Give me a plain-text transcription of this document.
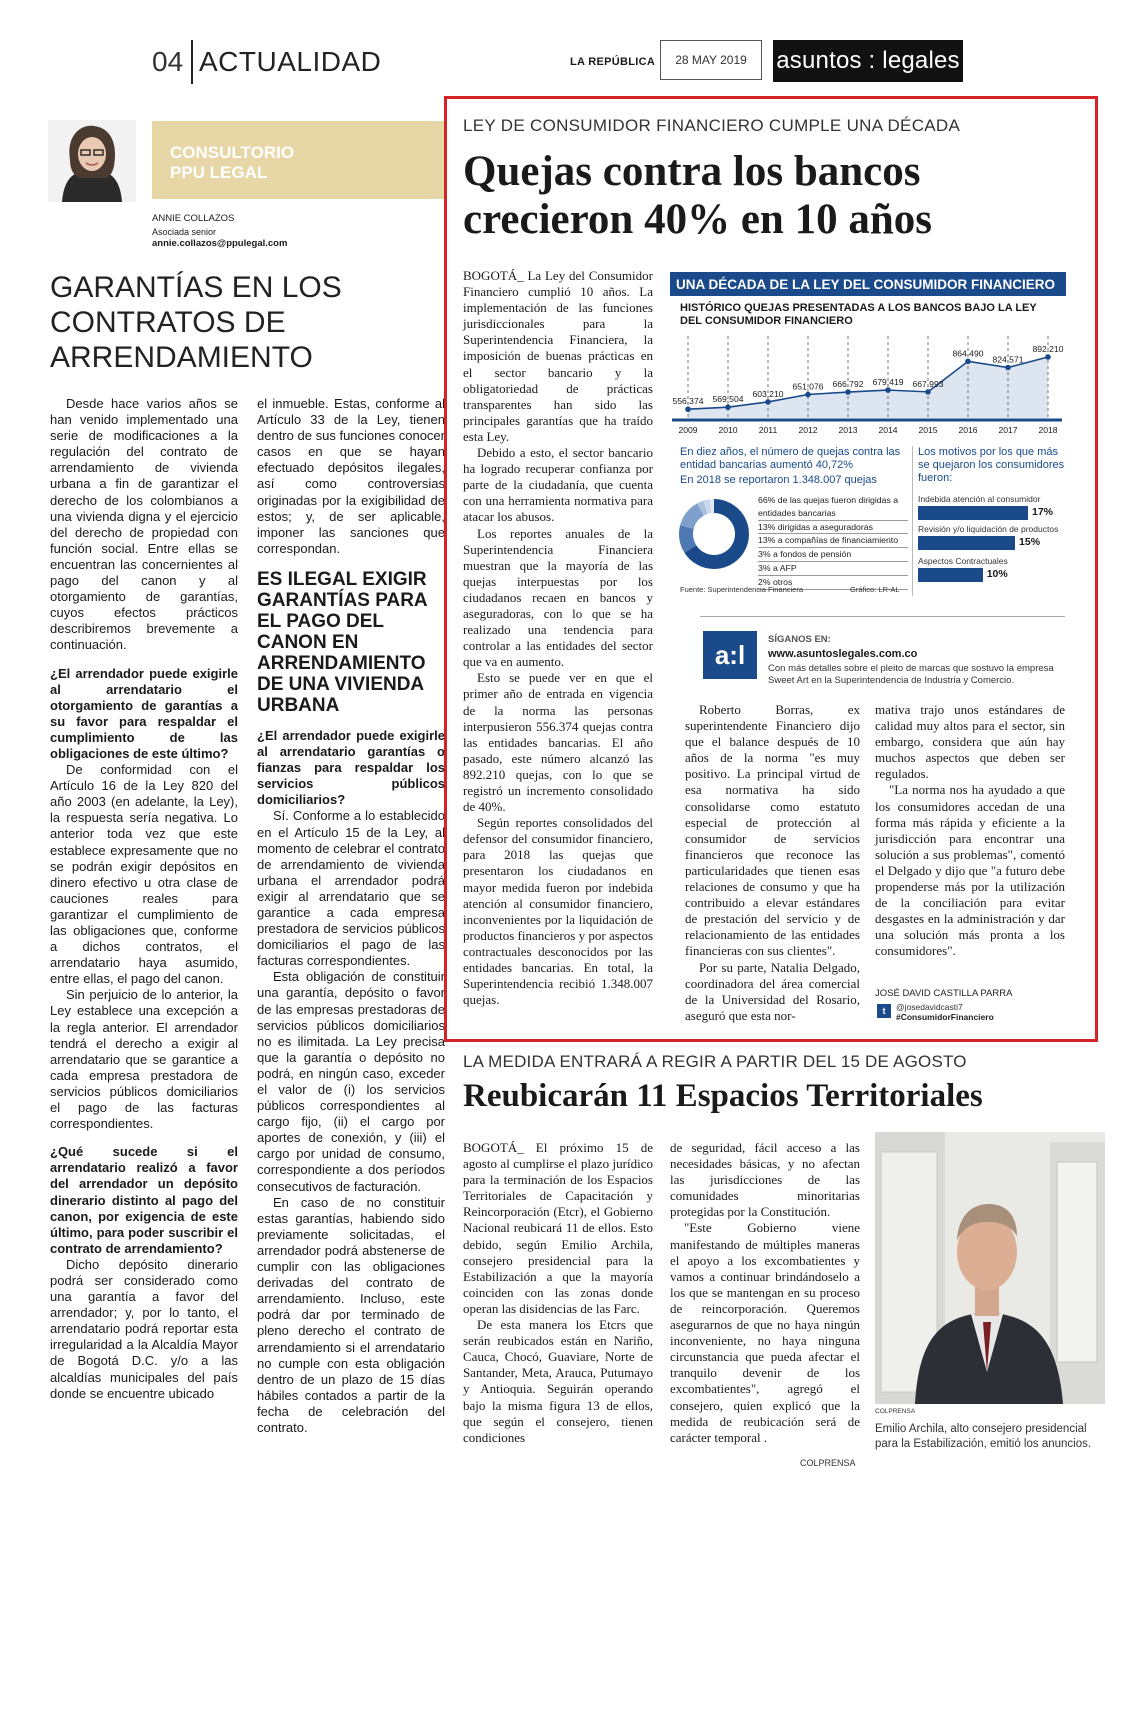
04 ACTUALIDAD	LA REPÚBLICA	28 MAY 2019	asuntos : legales
CONSULTORIO
PPU LEGAL
ANNIE COLLAZOS
Asociada senior
annie.collazos@ppulegal.com
GARANTÍAS EN LOS CONTRATOS DE ARRENDAMIENTO

Desde hace varios años se han venido implementado una serie de modificaciones a la regulación del contrato de arrendamiento de vivienda urbana a fin de garantizar el derecho de los colombianos a una vivienda digna y el ejercicio del derecho de propiedad con función social. Entre ellas se encuentran las concernientes al pago del canon y al otorgamiento de garantías, cuyos efectos prácticos describiremos brevemente a continuación.

¿El arrendador puede exigirle al arrendatario el otorgamiento de garantías a su favor para respaldar el cumplimiento de las obligaciones de este último?

De conformidad con el Artículo 16 de la Ley 820 del año 2003 (en adelante, la Ley), la respuesta sería negativa. Lo anterior toda vez que este establece expresamente que no se podrán exigir depósitos en dinero efectivo u otra clase de cauciones reales para garantizar el cumplimiento de las obligaciones que, conforme a dichos contratos, el arrendatario haya asumido, entre ellas, el pago del canon.

Sin perjuicio de lo anterior, la Ley establece una excepción a la regla anterior. El arrendador tendrá el derecho a exigir al arrendatario que se garantice a cada empresa prestadora de servicios públicos domiciliarios el pago de las facturas correspondientes.

¿Qué sucede si el arrendatario realizó a favor del arrendador un depósito dinerario distinto al pago del canon, por exigencia de este último, para poder suscribir el contrato de arrendamiento?

Dicho depósito dinerario podrá ser considerado como una garantía a favor del arrendador; y, por lo tanto, el arrendatario podrá reportar esta irregularidad a la Alcaldía Mayor de Bogotá D.C. y/o a las alcaldías municipales del país donde se encuentre ubicado

el inmueble. Estas, conforme al Artículo 33 de la Ley, tienen dentro de sus funciones conocer casos en que se hayan efectuado depósitos ilegales, así como controversias originadas por la exigibilidad de estos; y, de ser aplicable, imponer las sanciones que correspondan.

ES ILEGAL EXIGIR GARANTÍAS PARA EL PAGO DEL CANON EN ARRENDAMIENTO DE UNA VIVIENDA URBANA

¿El arrendador puede exigirle al arrendatario garantías o fianzas para respaldar los servicios públicos domiciliarios?

Sí. Conforme a lo establecido en el Artículo 15 de la Ley, al momento de celebrar el contrato de arrendamiento de vivienda urbana el arrendador podrá exigir al arrendatario que se garantice a cada empresa prestadora de servicios públicos domiciliarios el pago de las facturas correspondientes.

Esta obligación de constituir una garantía, depósito o favor de las empresas prestadoras de servicios públicos domiciliarios no es ilimitada. La Ley precisa que la garantía o depósito no podrá, en ningún caso, exceder el valor de (i) los servicios públicos correspondientes al cargo fijo, (ii) el cargo por aportes de conexión, y (iii) el cargo por unidad de consumo, correspondiente a dos períodos consecutivos de facturación.

En caso de no constituir estas garantías, habiendo sido previamente solicitadas, el arrendador podrá abstenerse de cumplir con las obligaciones derivadas del contrato de arrendamiento. Incluso, este podrá dar por terminado de pleno derecho el contrato de arrendamiento si el arrendatario no cumple con esta obligación dentro de un plazo de 15 días hábiles contados a partir de la fecha de celebración del contrato.

LEY DE CONSUMIDOR FINANCIERO CUMPLE UNA DÉCADA
Quejas contra los bancos crecieron 40% en 10 años

BOGOTÁ_ La Ley del Consumidor Financiero cumplió 10 años. La implementación de las funciones jurisdiccionales para la Superintendencia Financiera, la imposición de buenas prácticas en el sector bancario y la obligatoriedad de prácticas transparentes han sido las principales garantías que ha traído esta Ley.

Debido a esto, el sector bancario ha logrado recuperar confianza por parte de la ciudadanía, que cuenta con una herramienta normativa para atacar los abusos.

Los reportes anuales de la Superintendencia Financiera muestran que la mayoría de las quejas interpuestas por los ciudadanos recaen en bancos y aseguradoras, con lo que se ha realizado una tendencia para controlar a las entidades del sector que va en aumento.

Esto se puede ver en que el primer año de entrada en vigencia de la norma las personas interpusieron 556.374 quejas contra las entidades bancarias. El año pasado, este número alcanzó las 892.210 quejas, con lo que se registró un incremento consolidado de 40%.

Según reportes consolidados del defensor del consumidor financiero, para 2018 las quejas que presentaron los ciudadanos en mayor medida fueron por indebida atención al consumidor financiero, inconvenientes por la liquidación de productos financieros y por aspectos contractuales desconocidos por las entidades bancarias. En total, la Superintendencia recibió 1.348.007 quejas.

Roberto Borras, ex superintendente Financiero dijo que el balance después de 10 años de la norma "es muy positivo. La principal virtud de esa normativa ha sido consolidarse como estatuto especial de protección al consumidor de servicios financieros que reconoce las particularidades que tienen esas relaciones de consumo y que ha contribuido a elevar estándares de prestación del servicio y de relacionamiento de las entidades financieras con sus clientes".

Por su parte, Natalia Delgado, coordinadora del área comercial de la Universidad del Rosario, aseguró que esta nor-

mativa trajo unos estándares de calidad muy altos para el sector, sin embargo, considera que aún hay muchos aspectos que deben ser regulados.

"La norma nos ha ayudado a que los consumidores accedan de una forma más rápida y eficiente a la jurisdicción para encontrar una solución a sus problemas", comentó el Delgado y dijo que "a futuro debe propenderse más por la utilización de la conciliación para evitar desgastes en la administración y dar una solución más pronta a los consumidores".

UNA DÉCADA DE LA LEY DEL CONSUMIDOR FINANCIERO
HISTÓRICO QUEJAS PRESENTADAS A LOS BANCOS BAJO LA LEY DEL CONSUMIDOR FINANCIERO
556.374
2009
569.504
2010
603.210
2011
651.076
2012
666.792
2013
679.419
2014
667.993
2015
864.490
2016
824.571
2017
892.210
2018
En diez años, el número de quejas contra las entidad bancarias aumentó 40,72%
En 2018 se reportaron 1.348.007 quejas
Los motivos por los que más se quejaron los consumidores fueron:
Indebida atención al consumidor
17%
Revisión y/o liquidación de productos
15%
Aspectos Contractuales
10%
66% de las quejas fueron dirigidas a entidades bancarias
13% dirigidas a aseguradoras
13% a compañías de financiamiento
3% a fondos de pensión
3% a AFP
2% otros
Fuente: Superintendencia Financiera	Gráfico: LR-AL
a:l	SÍGANOS EN:
www.asuntoslegales.com.co
Con más detalles sobre el pleito de marcas que sostuvo la empresa Sweet Art en la Superintendencia de Industria y Comercio.
JOSÉ DAVID CASTILLA PARRA
t	@josedavidcasti7
#ConsumidorFinanciero
LA MEDIDA ENTRARÁ A REGIR A PARTIR DEL 15 DE AGOSTO
Reubicarán 11 Espacios Territoriales

BOGOTÁ_ El próximo 15 de agosto al cumplirse el plazo jurídico para la terminación de los Espacios Territoriales de Capacitación y Reincorporación (Etcr), el Gobierno Nacional reubicará 11 de ellos. Esto debido, según Emilio Archila, consejero presidencial para la Estabilización a que la mayoría coinciden con las zonas donde operan las disidencias de las Farc.

De esta manera los Etcrs que serán reubicados están en Nariño, Cauca, Chocó, Guaviare, Norte de Santander, Meta, Arauca, Putumayo y Antioquia. Seguirán operando bajo la misma figura 13 de ellos, que según el consejero, tienen condiciones

de seguridad, fácil acceso a las necesidades básicas, y no afectan las jurisdicciones de las comunidades minoritarias protegidas por la Constitución.

"Este Gobierno viene manifestando de múltiples maneras el apoyo a los excombatientes y vamos a continuar brindándoselo a los que se mantengan en su proceso de reincorporación. Queremos asegurarnos de que no haya ningún inconveniente, no haya ninguna circunstancia que pueda afectar el tranquilo devenir de los excombatientes", agregó el consejero, quien explicó que la medida de reubicación será de carácter temporal .

COLPRENSA
Emilio Archila, alto consejero presidencial para la Estabilización, emitió los anuncios.
COLPRENSA
